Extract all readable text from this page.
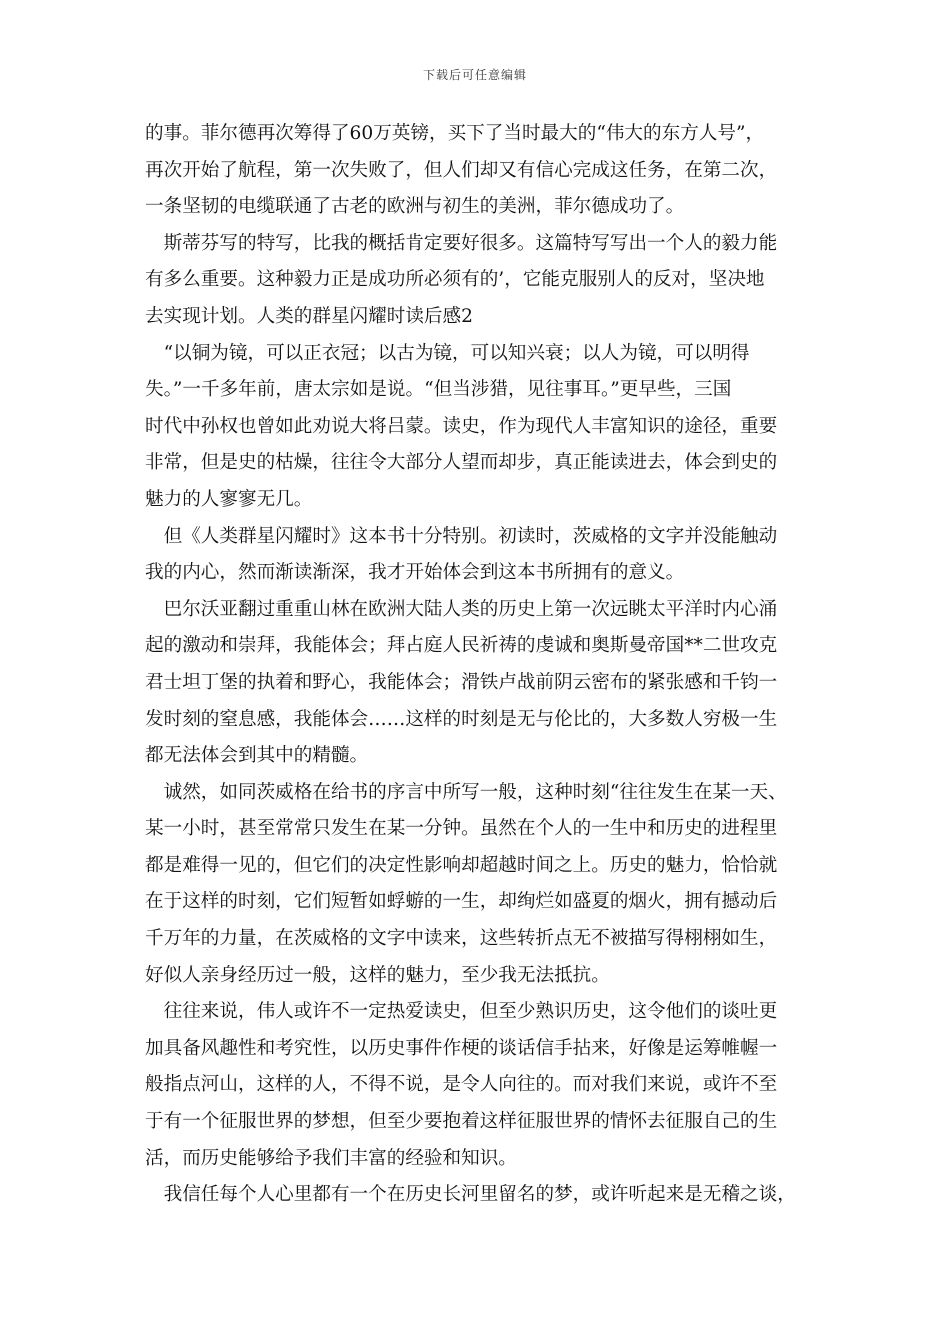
下载后可任意编辑

的事。菲尔德再次筹得了60万英镑，买下了当时最大的“伟大的东方人号”，
再次开始了航程，第一次失败了，但人们却又有信心完成这任务，在第二次，
一条坚韧的电缆联通了古老的欧洲与初生的美洲，菲尔德成功了。

　斯蒂芬写的特写，比我的概括肯定要好很多。这篇特写写出一个人的毅力能
有多么重要。这种毅力正是成功所必须有的’，它能克服别人的反对，坚决地
去实现计划。人类的群星闪耀时读后感2

　“以铜为镜，可以正衣冠；以古为镜，可以知兴衰；以人为镜，可以明得
失。”一千多年前，唐太宗如是说。“但当涉猎，见往事耳。”更早些，三国
时代中孙权也曾如此劝说大将吕蒙。读史，作为现代人丰富知识的途径，重要
非常，但是史的枯燥，往往令大部分人望而却步，真正能读进去，体会到史的
魅力的人寥寥无几。

　但《人类群星闪耀时》这本书十分特别。初读时，茨威格的文字并没能触动
我的内心，然而渐读渐深，我才开始体会到这本书所拥有的意义。

　巴尔沃亚翻过重重山林在欧洲大陆人类的历史上第一次远眺太平洋时内心涌
起的激动和崇拜，我能体会；拜占庭人民祈祷的虔诚和奥斯曼帝国**二世攻克
君士坦丁堡的执着和野心，我能体会；滑铁卢战前阴云密布的紧张感和千钧一
发时刻的窒息感，我能体会……这样的时刻是无与伦比的，大多数人穷极一生
都无法体会到其中的精髓。

　诚然，如同茨威格在给书的序言中所写一般，这种时刻“往往发生在某一天、
某一小时，甚至常常只发生在某一分钟。虽然在个人的一生中和历史的进程里
都是难得一见的，但它们的决定性影响却超越时间之上。历史的魅力，恰恰就
在于这样的时刻，它们短暂如蜉蝣的一生，却绚烂如盛夏的烟火，拥有撼动后
千万年的力量，在茨威格的文字中读来，这些转折点无不被描写得栩栩如生，
好似人亲身经历过一般，这样的魅力，至少我无法抵抗。

　往往来说，伟人或许不一定热爱读史，但至少熟识历史，这令他们的谈吐更
加具备风趣性和考究性，以历史事件作梗的谈话信手拈来，好像是运筹帷幄一
般指点河山，这样的人，不得不说，是令人向往的。而对我们来说，或许不至
于有一个征服世界的梦想，但至少要抱着这样征服世界的情怀去征服自己的生
活，而历史能够给予我们丰富的经验和知识。

　我信任每个人心里都有一个在历史长河里留名的梦，或许听起来是无稽之谈，
